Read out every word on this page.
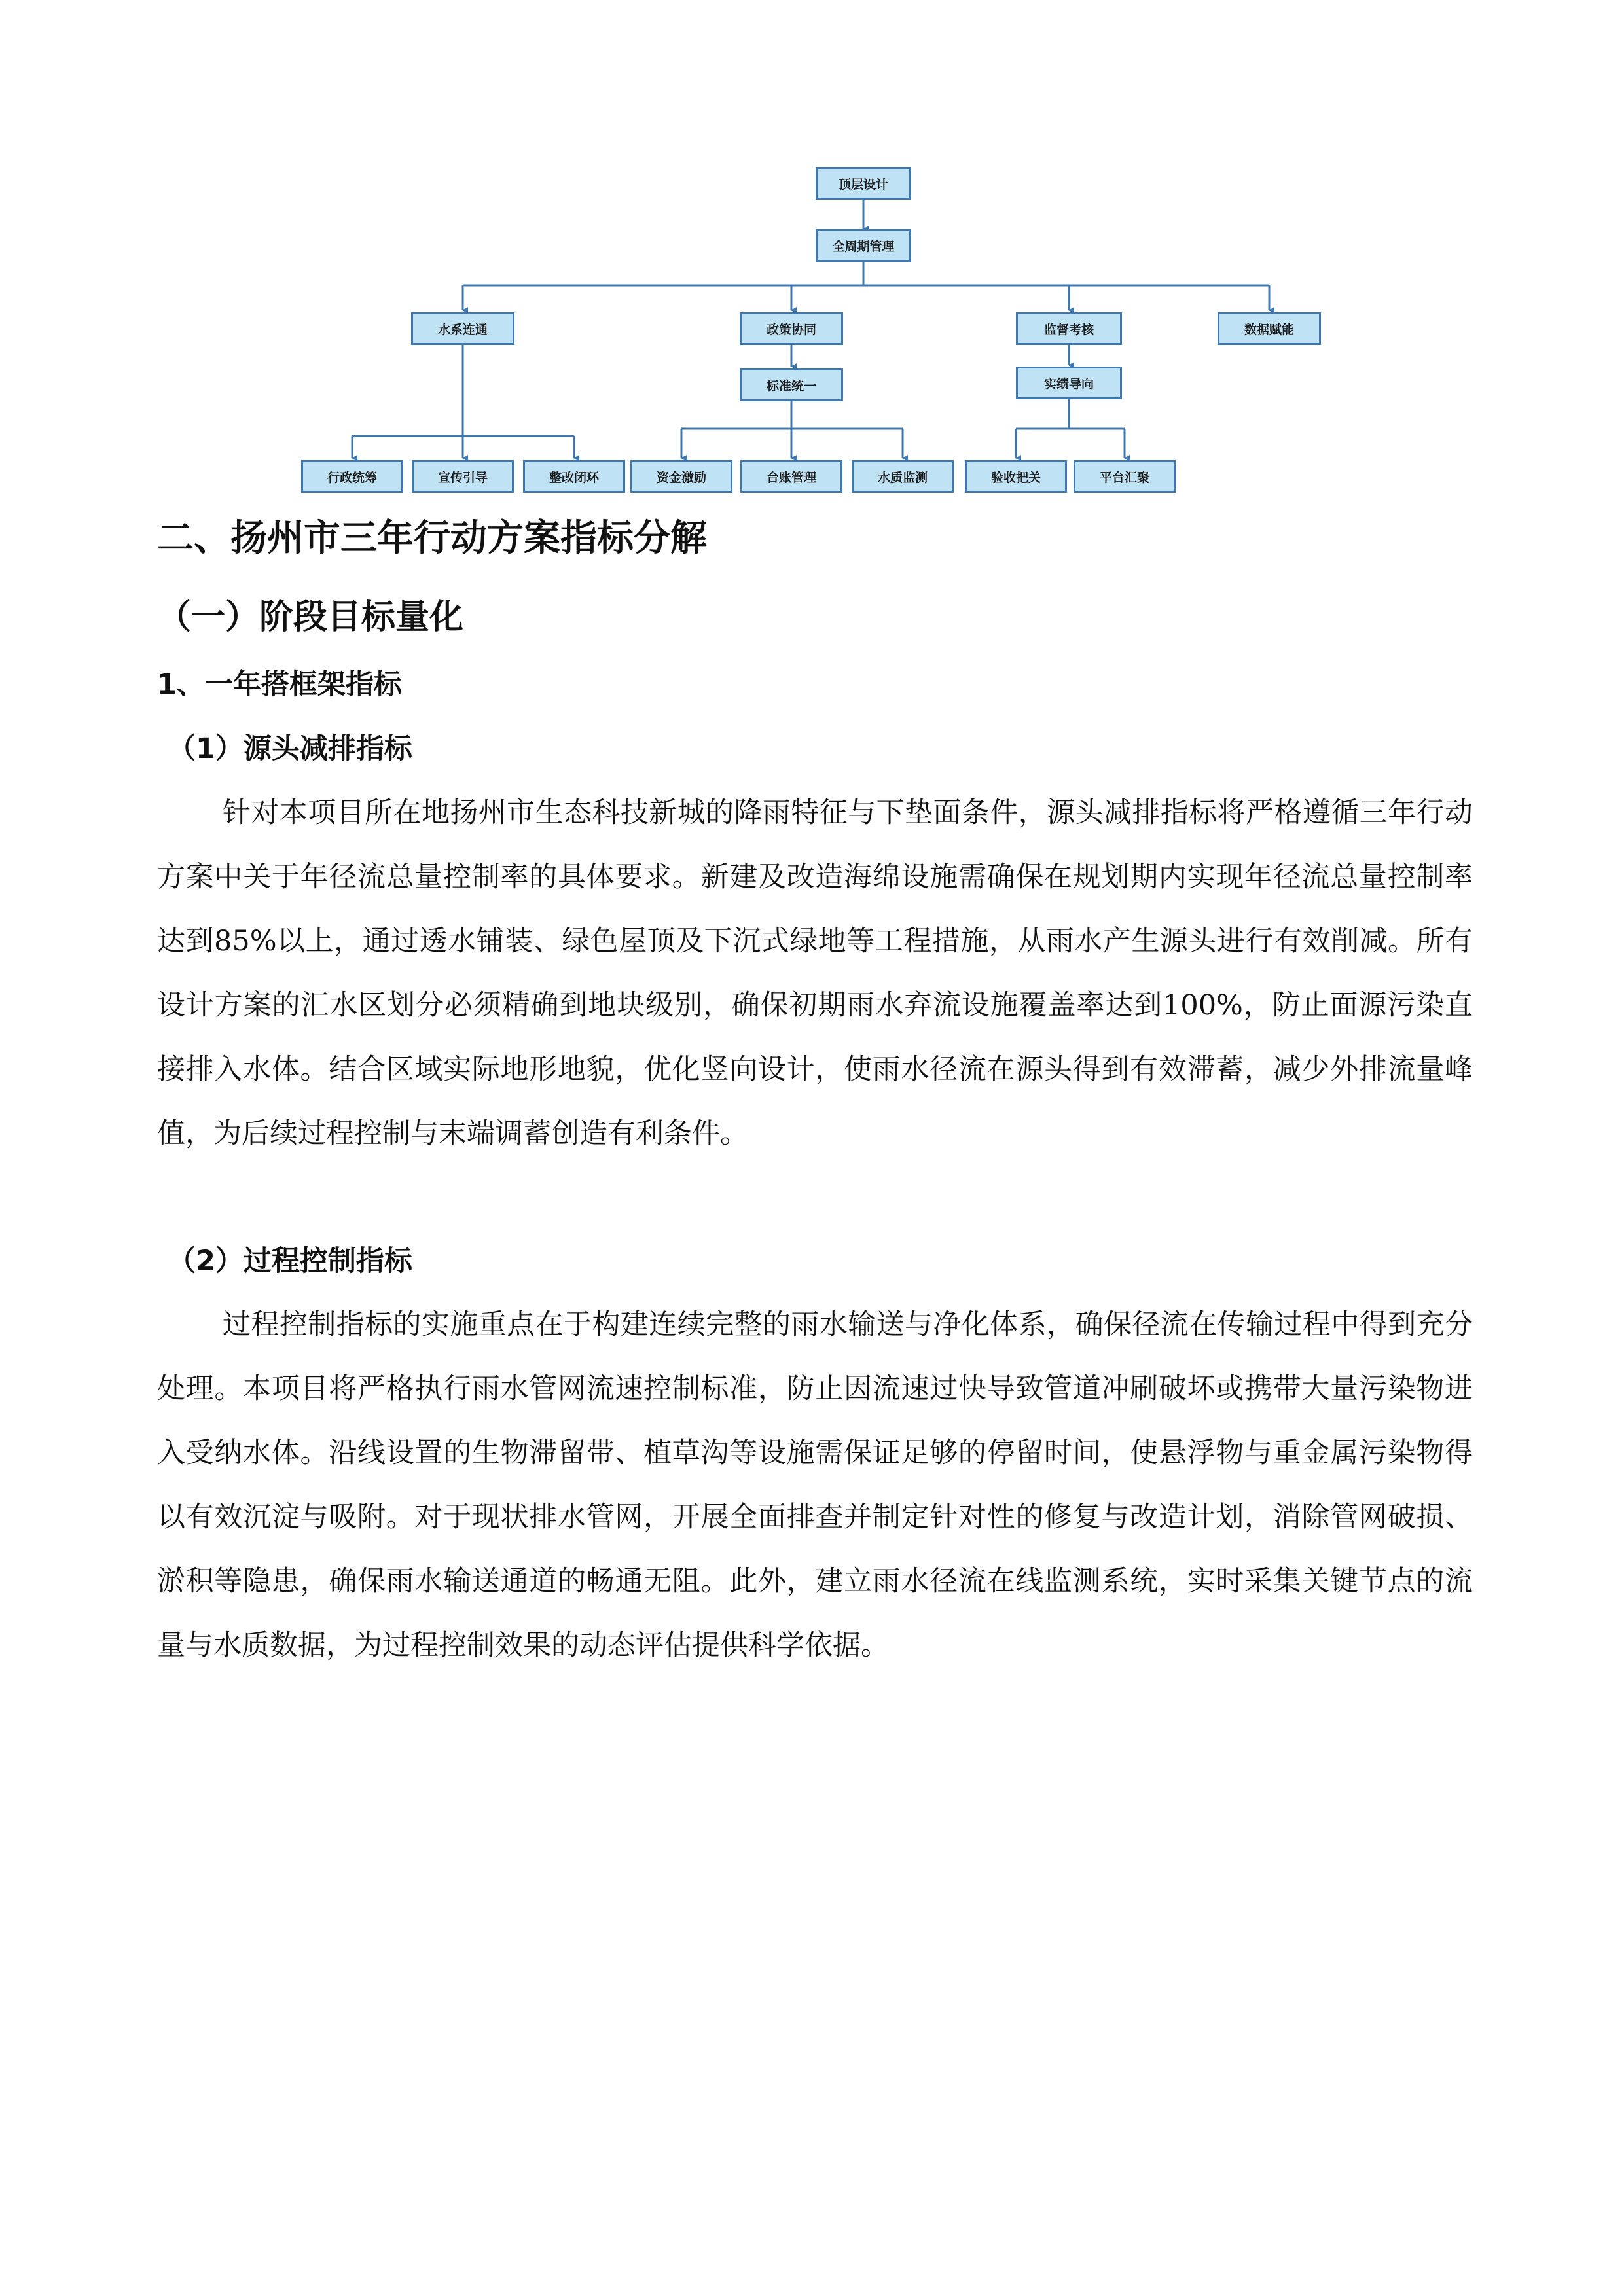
顶层设计
全周期管理
水系连通	政策协同	监督考核	数据赋能
标准统一	实绩导向
行政统筹	宣传引导	整改闭环	资金激励	台账管理	水质监测	验收把关	平台汇聚
二、扬州市三年行动方案指标分解
（一）阶段目标量化
1、一年搭框架指标
（1）源头减排指标

针对本项目所在地扬州市生态科技新城的降雨特征与下垫面条件，源头减排指标将严格遵循三年行动方案中关于年径流总量控制率的具体要求。新建及改造海绵设施需确保在规划期内实现年径流总量控制率达到85%以上，通过透水铺装、绿色屋顶及下沉式绿地等工程措施，从雨水产生源头进行有效削减。所有设计方案的汇水区划分必须精确到地块级别，确保初期雨水弃流设施覆盖率达到100%，防止面源污染直接排入水体。结合区域实际地形地貌，优化竖向设计，使雨水径流在源头得到有效滞蓄，减少外排流量峰值，为后续过程控制与末端调蓄创造有利条件。

（2）过程控制指标

过程控制指标的实施重点在于构建连续完整的雨水输送与净化体系，确保径流在传输过程中得到充分处理。本项目将严格执行雨水管网流速控制标准，防止因流速过快导致管道冲刷破坏或携带大量污染物进入受纳水体。沿线设置的生物滞留带、植草沟等设施需保证足够的停留时间，使悬浮物与重金属污染物得以有效沉淀与吸附。对于现状排水管网，开展全面排查并制定针对性的修复与改造计划，消除管网破损、淤积等隐患，确保雨水输送通道的畅通无阻。此外，建立雨水径流在线监测系统，实时采集关键节点的流量与水质数据，为过程控制效果的动态评估提供科学依据。
